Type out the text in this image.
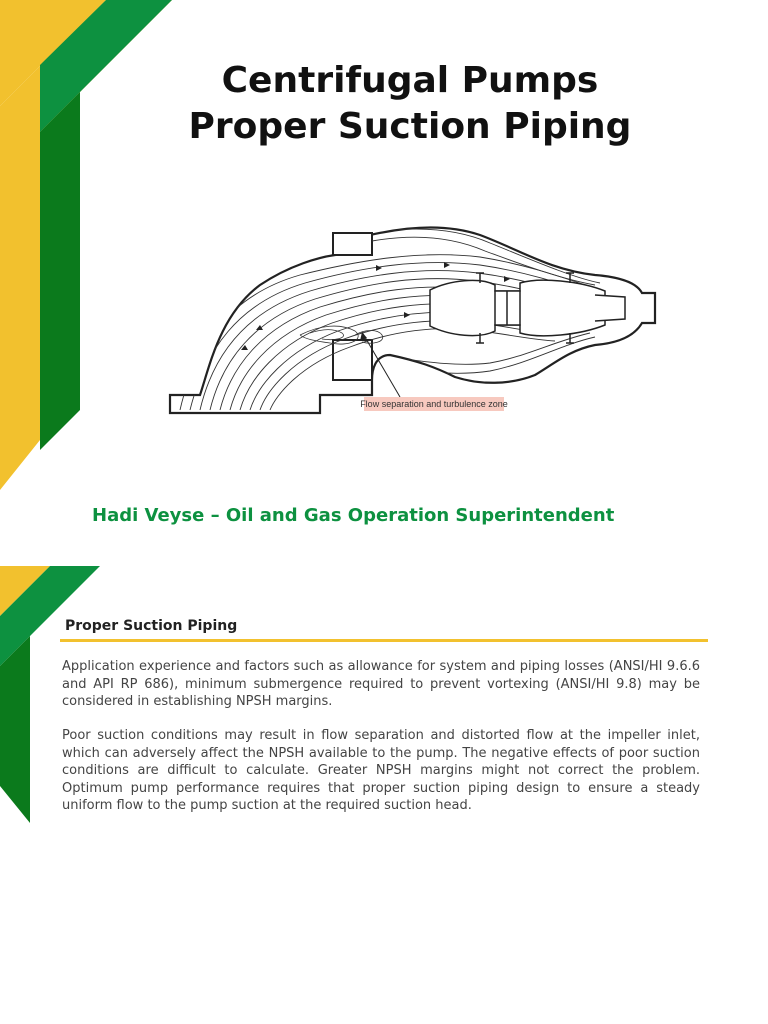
Centrifugal Pumps
Proper Suction Piping
Flow separation and turbulence zone

Hadi Veyse – Oil and Gas Operation Superintendent

Proper Suction Piping

Application experience and factors such as allowance for system and piping losses (ANSI/HI 9.6.6 and API RP 686), minimum submergence required to prevent vortexing (ANSI/HI 9.8) may be considered in establishing NPSH margins.

Poor suction conditions may result in flow separation and distorted flow at the impeller inlet, which can adversely affect the NPSH available to the pump. The negative effects of poor suction conditions are difficult to calculate. Greater NPSH margins might not correct the problem. Optimum pump performance requires that proper suction piping design to ensure a steady uniform flow to the pump suction at the required suction head.
